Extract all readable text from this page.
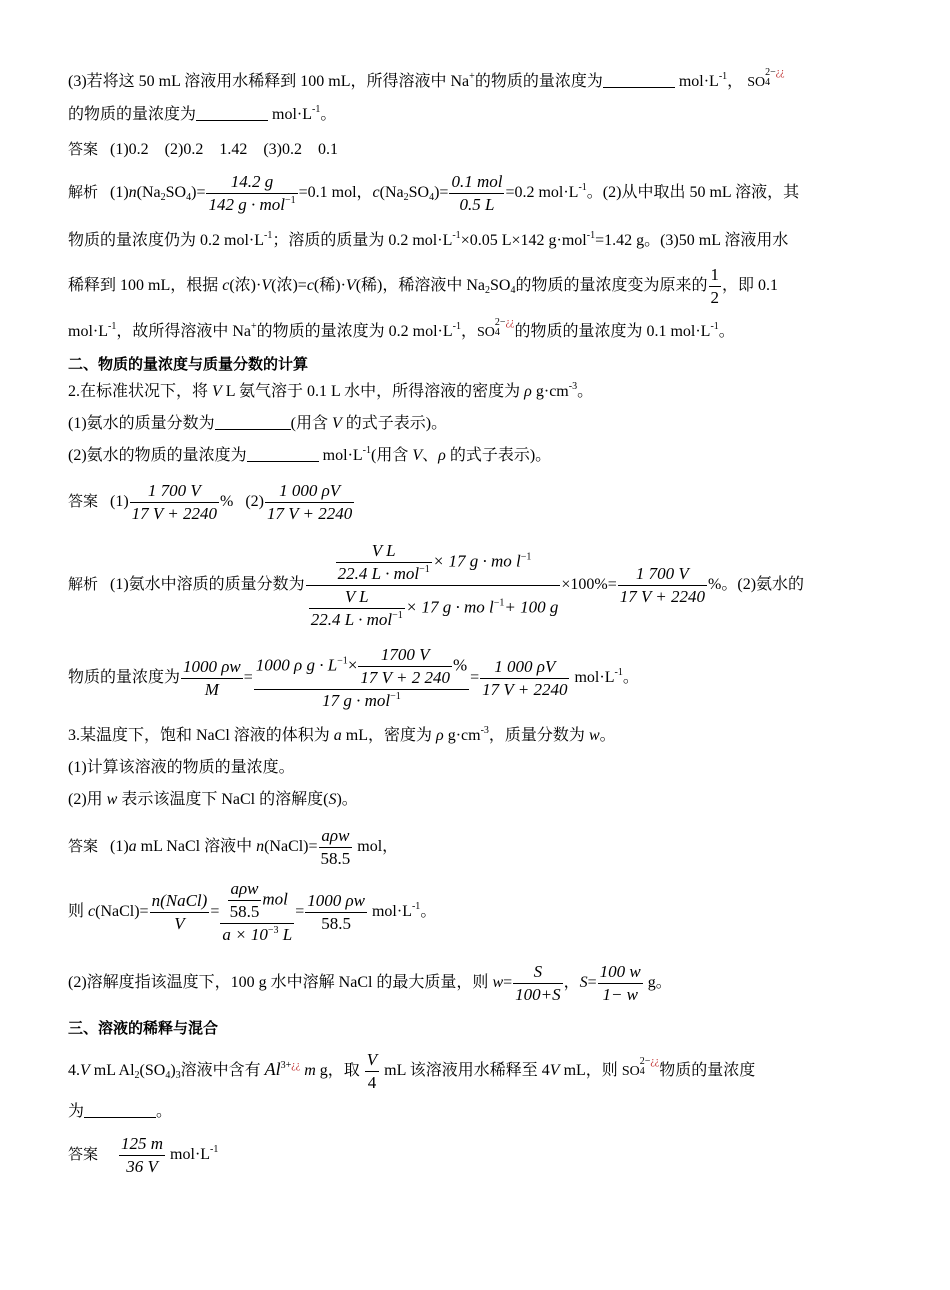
(3)若将这 50 mL 溶液用水稀释到 100 mL，所得溶液中 Na+的物质的量浓度为	$mol\cdot L^{-1}$， SO
2−¿¿
4
的物质的量浓度为	$mol\cdot L^{-1}$。
答案 (1)0.2    (2)0.2    1.42    (3)0.2    0.1
解析 $(1)n(Na_2SO_4)= \frac{14.2 g}{142 g \cdot mol^{-1}} =0.1$ mol，$c(Na_2SO_4)= \frac{\text{0.1 mol}}{0.5 L} =0.2$ $mol\cdot L^{-1}$。(2)从中取出 50 mL 溶液，其
物质的量浓度仍为 0.2 $mol\cdot L^{-1}$；溶质的质量为 0.2 $mol\cdot L^{-1}\times 0.05$ L×142 g·mol$^{-1}$=1.42 g。(3)50 mL 溶液用水
稀释到 100 mL，根据 c(浓)·V(浓)=c(稀)·V(稀)，稀溶液中 $Na_2SO_4$的物质的量浓度变为原来的 $\frac{1}{2}$ ，即 0.1
$mol\cdot L^{-1}$，故所得溶液中 Na+的物质的量浓度为 0.2 $mol\cdot L^{-1}$，SO
2−¿¿
4 的物质的量浓度为 0.1 $mol\cdot L^{-1}$。
二、物质的量浓度与质量分数的计算
2.在标准状况下，将 V L 氨气溶于 0.1 L 水中，所得溶液的密度为 ρ $g\cdot cm^{-3}$。
(1)氨水的质量分数为	(用含 V 的式子表示)。
(2)氨水的物质的量浓度为	$mol\cdot L^{-1}$(用含 V、ρ 的式子表示)。
答案 $(1) \frac{1 700 V}{17 V + 2240}$ % $(2) \frac{1 000 \rho V}{17 V + 2240}$
解析 (1)氨水中溶质的质量分数为 $\frac{\frac{\text{V L}}{22.4 L \cdot mol^{-1}} \times 17 g \cdot mo l^{-1}}{\frac{\text{V L}}{22.4 L \cdot mol^{-1}} \times 17 g \cdot mo l^{-1}+ 100 g} \times 100\%= \frac{1 700 V}{17 V + 2240}$ %。(2)氨水的
物质的量浓度为 $\frac{1000 \rho w}{M} = \frac{1000 \rho g \cdot L^{-1}\times \frac{1700 V}{17 V + 2 240} \%}{17 g \cdot mol^{-1}} = \frac{1 000 \rho V}{17 V + 2240} mol\cdot L^{-1}$。
3.某温度下，饱和 NaCl 溶液的体积为 a mL，密度为 ρ $g\cdot cm^{-3}$，质量分数为 w。
(1)计算该溶液的物质的量浓度。
(2)用 w 表示该温度下 NaCl 的溶解度(S)。
答案 (1)a mL NaCl 溶液中 n(NaCl)= $\frac{\text{aρw}}{58.5}$ mol，
则 c(NaCl)= $\frac{\text{n(NaCl)}}{V} = \frac{\frac{\text{aρw}}{58.5} mol}{a \times 10^{-3} L} = \frac{1000 \rho w}{58.5} mol\cdot L^{-1}$。
(2)溶解度指该温度下，100 g 水中溶解 NaCl 的最大质量，则 $w= \frac{S}{100+S}$ ，$S= \frac{100 w}{1- w}$ g。
三、溶液的稀释与混合
4.V mL $Al_2(SO_4)_3$溶液中含有 $Al^{3+¿¿}$ m g，取 $\frac{V}{4}$ mL 该溶液用水稀释至 4V mL，则 SO
2−¿¿
4 物质的量浓度
为	。
答案 $\frac{125 m}{36 V} mol\cdot L^{-1}$
